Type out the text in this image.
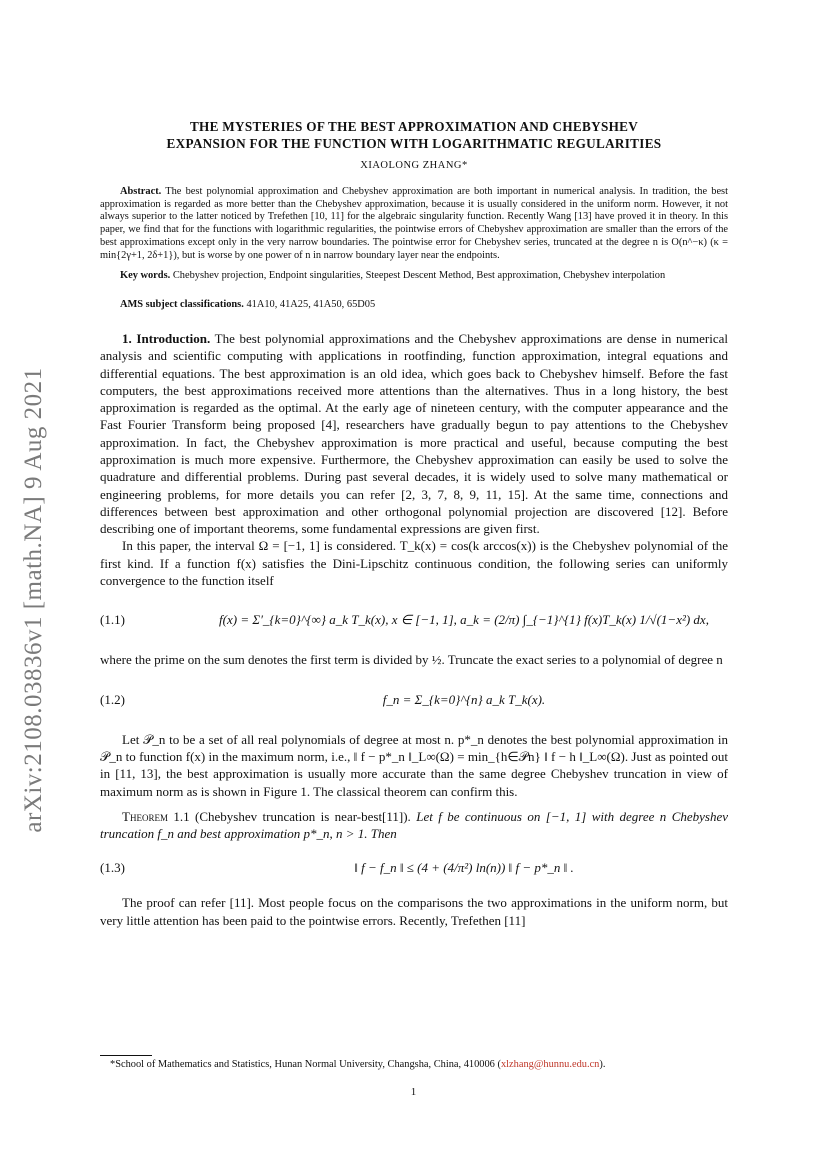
arXiv:2108.03836v1 [math.NA] 9 Aug 2021
THE MYSTERIES OF THE BEST APPROXIMATION AND CHEBYSHEV
EXPANSION FOR THE FUNCTION WITH LOGARITHMATIC REGULARITIES
XIAOLONG ZHANG*
Abstract. The best polynomial approximation and Chebyshev approximation are both important in numerical analysis. In tradition, the best approximation is regarded as more better than the Chebyshev approximation, because it is usually considered in the uniform norm. However, it not always superior to the latter noticed by Trefethen [10, 11] for the algebraic singularity function. Recently Wang [13] have proved it in theory. In this paper, we find that for the functions with logarithmic regularities, the pointwise errors of Chebyshev approximation are smaller than the errors of the best approximations except only in the very narrow boundaries. The pointwise error for Chebyshev series, truncated at the degree n is O(n^−κ) (κ = min{2γ+1, 2δ+1}), but is worse by one power of n in narrow boundary layer near the endpoints.
Key words. Chebyshev projection, Endpoint singularities, Steepest Descent Method, Best approximation, Chebyshev interpolation
AMS subject classifications. 41A10, 41A25, 41A50, 65D05
1. Introduction. The best polynomial approximations and the Chebyshev approximations are dense in numerical analysis and scientific computing with applications in rootfinding, function approximation, integral equations and differential equations. The best approximation is an old idea, which goes back to Chebyshev himself. Before the fast computers, the best approximations received more attentions than the alternatives. Thus in a long history, the best approximation is regarded as the optimal. At the early age of nineteen century, with the computer appearance and the Fast Fourier Transform being proposed [4], researchers have gradually begun to pay attentions to the Chebyshev approximation. In fact, the Chebyshev approximation is more practical and useful, because computing the best approximation is much more expensive. Furthermore, the Chebyshev approximation can easily be used to solve the quadrature and differential problems. During past several decades, it is widely used to solve many mathematical or engineering problems, for more details you can refer [2, 3, 7, 8, 9, 11, 15]. At the same time, connections and differences between best approximation and other orthogonal polynomial projection are discovered [12]. Before describing one of important theorems, some fundamental expressions are given first.
In this paper, the interval Ω = [−1, 1] is considered. T_k(x) = cos(k arccos(x)) is the Chebyshev polynomial of the first kind. If a function f(x) satisfies the Dini-Lipschitz continuous condition, the following series can uniformly convergence to the function itself
(1.1)	f(x) = Σ′_{k=0}^{∞} a_k T_k(x), x ∈ [−1, 1], a_k = (2/π) ∫_{−1}^{1} f(x)T_k(x) 1/√(1−x²) dx,
where the prime on the sum denotes the first term is divided by ½. Truncate the exact series to a polynomial of degree n
(1.2)	f_n = Σ_{k=0}^{n} a_k T_k(x).
Let 𝒫_n to be a set of all real polynomials of degree at most n. p*_n denotes the best polynomial approximation in 𝒫_n to function f(x) in the maximum norm, i.e., ‖ f − p*_n ‖_L∞(Ω) = min_{h∈𝒫n} ‖ f − h ‖_L∞(Ω). Just as pointed out in [11, 13], the best approximation is usually more accurate than the same degree Chebyshev truncation in view of maximum norm as is shown in Figure 1. The classical theorem can confirm this.
Theorem 1.1 (Chebyshev truncation is near-best[11]). Let f be continuous on [−1, 1] with degree n Chebyshev truncation f_n and best approximation p*_n, n > 1. Then
(1.3)	‖ f − f_n ‖ ≤ (4 + (4/π²) ln(n)) ‖ f − p*_n ‖ .
The proof can refer [11]. Most people focus on the comparisons the two approximations in the uniform norm, but very little attention has been paid to the pointwise errors. Recently, Trefethen [11]
*School of Mathematics and Statistics, Hunan Normal University, Changsha, China, 410006 (xlzhang@hunnu.edu.cn).
1
